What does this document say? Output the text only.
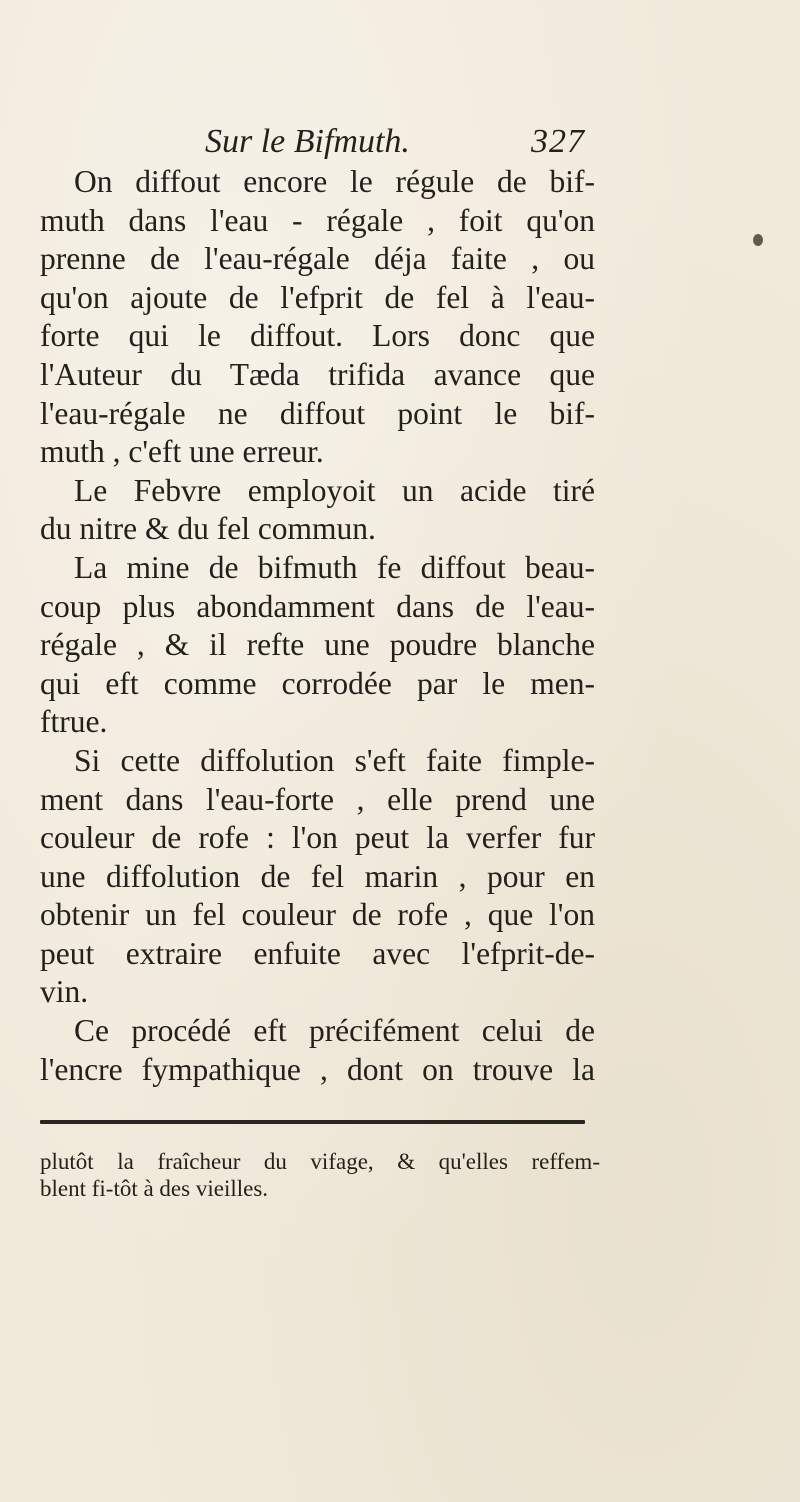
Sur le Bifmuth.	327
On diffout encore le régule de bif-
muth dans l'eau - régale , foit qu'on
prenne de l'eau-régale déja faite , ou
qu'on ajoute de l'efprit de fel à l'eau-
forte qui le diffout. Lors donc que
l'Auteur du Tæda trifida avance que
l'eau-régale ne diffout point le bif-
muth , c'eft une erreur.
Le Febvre employoit un acide tiré
du nitre & du fel commun.
La mine de bifmuth fe diffout beau-
coup plus abondamment dans de l'eau-
régale , & il refte une poudre blanche
qui eft comme corrodée par le men-
ftrue.
Si cette diffolution s'eft faite fimple-
ment dans l'eau-forte , elle prend une
couleur de rofe : l'on peut la verfer fur
une diffolution de fel marin , pour en
obtenir un fel couleur de rofe , que l'on
peut extraire enfuite avec l'efprit-de-
vin.
Ce procédé eft précifément celui de
l'encre fympathique , dont on trouve la
plutôt la fraîcheur du vifage, & qu'elles reffem-
blent fi-tôt à des vieilles.
